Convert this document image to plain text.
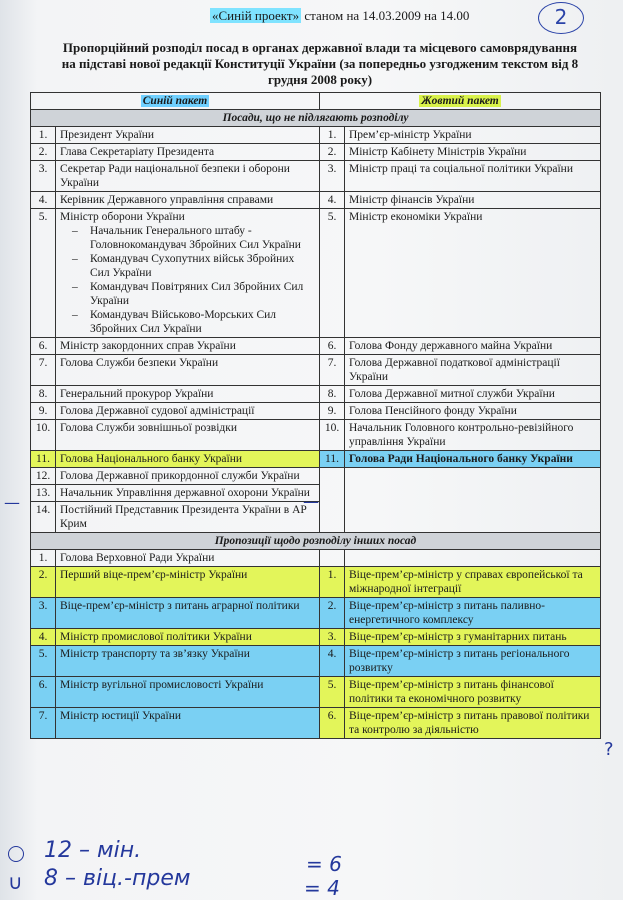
«Синій проект» станом на 14.03.2009 на 14.00	2
Пропорційний розподіл посад в органах державної влади та місцевого самоврядування на підставі нової редакції Конституції України (за попередньо узгодженим текстом від 8 грудня 2008 року)
Синій пакет		Жовтий пакет	
Посади, що не підлягають розподілу			
1.	Президент України	1.	Прем’єр-міністр України
2.	Глава Секретаріату Президента	2.	Міністр Кабінету Міністрів України
3.	Секретар Ради національної безпеки і оборони України	3.	Міністр праці та соціальної політики України
4.	Керівник Державного управління справами	4.	Міністр фінансів України
5.	Міністр оборони України
– Начальник Генерального штабу - Головнокомандувач Збройних Сил України
– Командувач Сухопутних військ Збройних Сил України
– Командувач Повітряних Сил Збройних Сил України
– Командувач Військово-Морських Сил Збройних Сил України	5.	Міністр економіки України
6.	Міністр закордонних справ України	6.	Голова Фонду державного майна України
7.	Голова Служби безпеки України	7.	Голова Державної податкової адміністрації України
8.	Генеральний прокурор України	8.	Голова Державної митної служби України
9.	Голова Державної судової адміністрації	9.	Голова Пенсійного фонду України
10.	Голова Служби зовнішньої розвідки	10.	Начальник Головного контрольно-ревізійного управління України
11.	Голова Національного банку України	11.	Голова Ради Національного банку України
12.	Голова Державної прикордонної служби України		
13.	Начальник Управління державної охорони України		
14.	Постійний Представник Президента України в АР Крим		
Пропозиції щодо розподілу інших посад			
1.	Голова Верховної Ради України		
2.	Перший віце-прем’єр-міністр України	1.	Віце-прем’єр-міністр у справах європейської та міжнародної інтеграції
3.	Віце-прем’єр-міністр з питань аграрної політики	2.	Віце-прем’єр-міністр з питань паливно-енергетичного комплексу
4.	Міністр промислової політики України	3.	Віце-прем’єр-міністр з гуманітарних питань
5.	Міністр транспорту та зв’язку України	4.	Віце-прем’єр-міністр з питань регіонального розвитку
6.	Міністр вугільної промисловості України	5.	Віце-прем’єр-міністр з питань фінансової політики та економічного розвитку
7.	Міністр юстиції України	6.	Віце-прем’єр-міністр з питань правової політики та контролю за діяльністю
—	—
?
12 – мін.
∪ 8 – віц.-прем
= 6
= 4
